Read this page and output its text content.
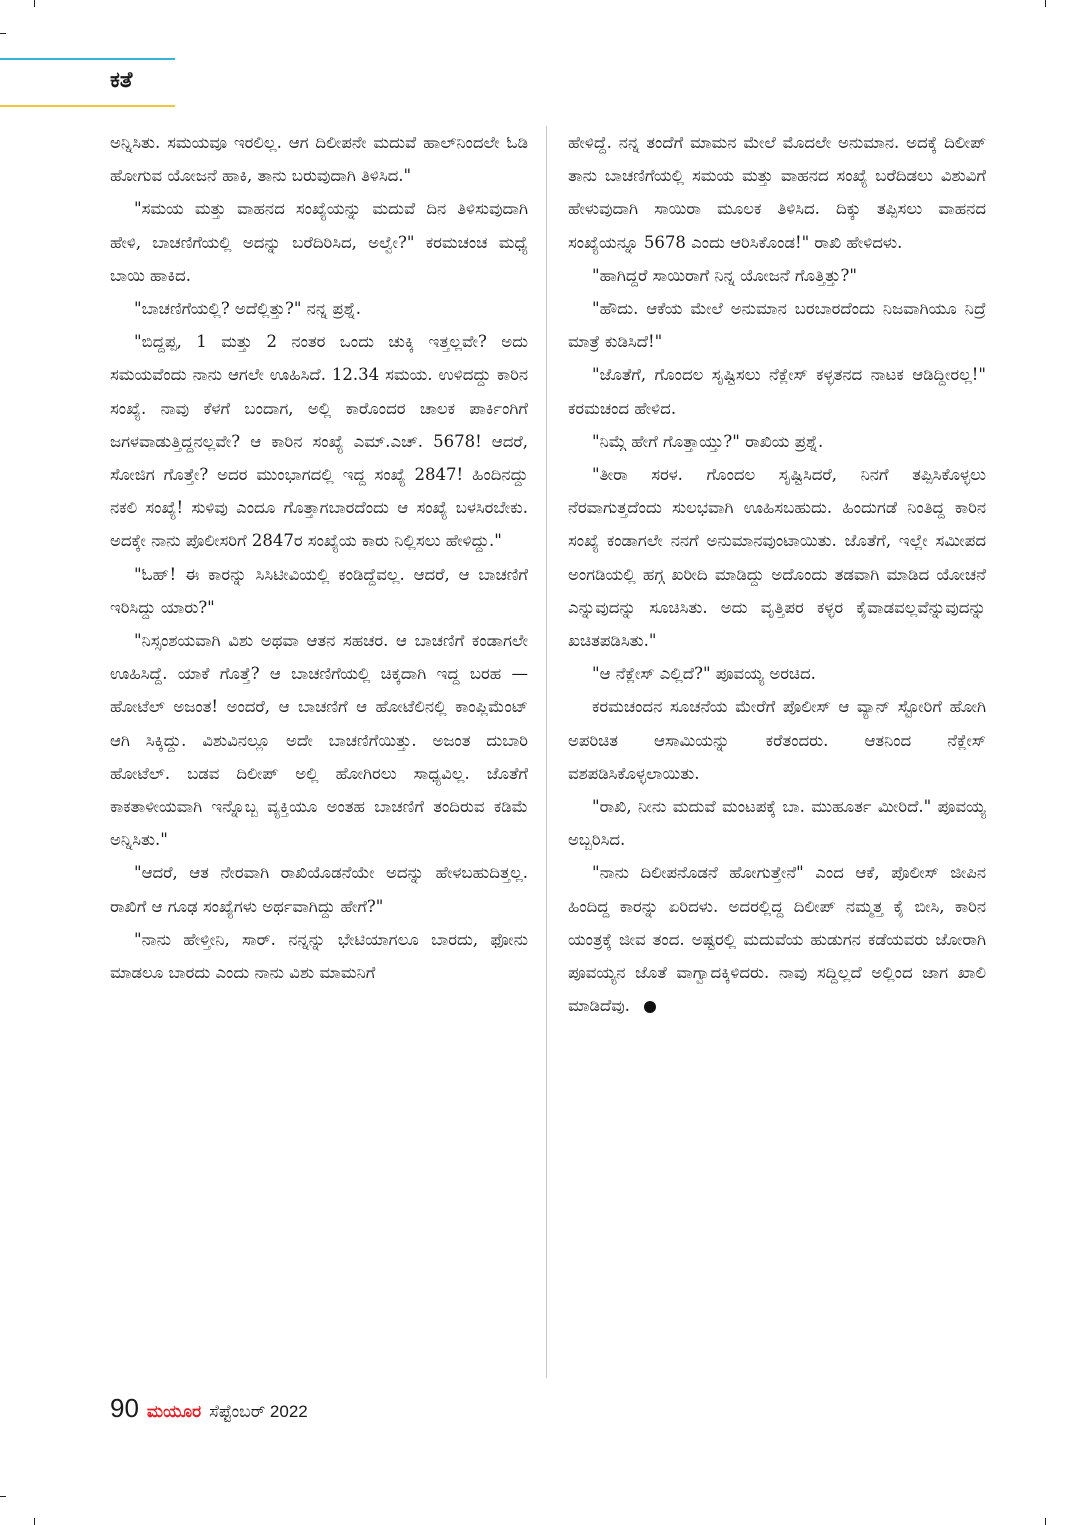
ಕತೆ

ಅನ್ನಿಸಿತು. ಸಮಯವೂ ಇರಲಿಲ್ಲ. ಆಗ ದಿಲೀಪನೇ ಮದುವೆ ಹಾಲ್‌ನಿಂದಲೇ ಓಡಿ ಹೋಗುವ ಯೋಜನೆ ಹಾಕಿ, ತಾನು ಬರುವುದಾಗಿ ತಿಳಿಸಿದ."

"ಸಮಯ ಮತ್ತು ವಾಹನದ ಸಂಖ್ಯೆಯನ್ನು ಮದುವೆ ದಿನ ತಿಳಿಸುವುದಾಗಿ ಹೇಳಿ, ಬಾಚಣಿಗೆಯಲ್ಲಿ ಅದನ್ನು ಬರೆದಿರಿಸಿದ, ಅಲ್ವೇ?" ಕರಮಚಂಚ ಮಧ್ಯೆ ಬಾಯಿ ಹಾಕಿದ.

"ಬಾಚಣಿಗೆಯಲ್ಲಿ? ಅದೆಲ್ಲಿತ್ತು?" ನನ್ನ ಪ್ರಶ್ನೆ.

"ಬಿದ್ದಪ್ಪ, 1 ಮತ್ತು 2 ನಂತರ ಒಂದು ಚುಕ್ಕಿ ಇತ್ತಲ್ಲವೇ? ಅದು ಸಮಯವೆಂದು ನಾನು ಆಗಲೇ ಊಹಿಸಿದೆ. 12.34 ಸಮಯ. ಉಳಿದದ್ದು ಕಾರಿನ ಸಂಖ್ಯೆ. ನಾವು ಕೆಳಗೆ ಬಂದಾಗ, ಅಲ್ಲಿ ಕಾರೊಂದರ ಚಾಲಕ ಪಾರ್ಕಿಂಗಿಗೆ ಜಗಳವಾಡುತ್ತಿದ್ದನಲ್ಲವೇ? ಆ ಕಾರಿನ ಸಂಖ್ಯೆ ಎಮ್.ಎಚ್. 5678! ಆದರೆ, ಸೋಜಿಗ ಗೊತ್ತೇ? ಅದರ ಮುಂಭಾಗದಲ್ಲಿ ಇದ್ದ ಸಂಖ್ಯೆ 2847! ಹಿಂದಿನದ್ದು ನಕಲಿ ಸಂಖ್ಯೆ! ಸುಳಿವು ಎಂದೂ ಗೊತ್ತಾಗಬಾರದೆಂದು ಆ ಸಂಖ್ಯೆ ಬಳಸಿರಬೇಕು. ಅದಕ್ಕೇ ನಾನು ಪೊಲೀಸರಿಗೆ 2847ರ ಸಂಖ್ಯೆಯ ಕಾರು ನಿಲ್ಲಿಸಲು ಹೇಳಿದ್ದು."

"ಓಹ್! ಈ ಕಾರನ್ನು ಸಿಸಿಟೀವಿಯಲ್ಲಿ ಕಂಡಿದ್ದೆವಲ್ಲ. ಆದರೆ, ಆ ಬಾಚಣಿಗೆ ಇರಿಸಿದ್ದು ಯಾರು?"

"ನಿಸ್ಸಂಶಯವಾಗಿ ವಿಶು ಅಥವಾ ಆತನ ಸಹಚರ. ಆ ಬಾಚಣಿಗೆ ಕಂಡಾಗಲೇ ಊಹಿಸಿದ್ದೆ. ಯಾಕೆ ಗೊತ್ತೆ? ಆ ಬಾಚಣಿಗೆಯಲ್ಲಿ ಚಿಕ್ಕದಾಗಿ ಇದ್ದ ಬರಹ —ಹೋಟೆಲ್ ಅಜಂತ! ಅಂದರೆ, ಆ ಬಾಚಣಿಗೆ ಆ ಹೋಟೆಲಿನಲ್ಲಿ ಕಾಂಪ್ಲಿಮೆಂಟ್ ಆಗಿ ಸಿಕ್ಕಿದ್ದು. ವಿಶುವಿನಲ್ಲೂ ಅದೇ ಬಾಚಣಿಗೆಯಿತ್ತು. ಅಜಂತ ದುಬಾರಿ ಹೋಟೆಲ್. ಬಡವ ದಿಲೀಪ್ ಅಲ್ಲಿ ಹೋಗಿರಲು ಸಾಧ್ಯವಿಲ್ಲ. ಜೊತೆಗೆ ಕಾಕತಾಳೀಯವಾಗಿ ಇನ್ನೊಬ್ಬ ವ್ಯಕ್ತಿಯೂ ಅಂತಹ ಬಾಚಣಿಗೆ ತಂದಿರುವ ಕಡಿಮೆ ಅನ್ನಿಸಿತು."

"ಆದರೆ, ಆತ ನೇರವಾಗಿ ರಾಖಿಯೊಡನೆಯೇ ಅದನ್ನು ಹೇಳಬಹುದಿತ್ತಲ್ಲ. ರಾಖಿಗೆ ಆ ಗೂಢ ಸಂಖ್ಯೆಗಳು ಅರ್ಥವಾಗಿದ್ದು ಹೇಗೆ?"

"ನಾನು ಹೇಳ್ತೀನಿ, ಸಾರ್. ನನ್ನನ್ನು ಭೇಟಿಯಾಗಲೂ ಬಾರದು, ಫೋನು ಮಾಡಲೂ ಬಾರದು ಎಂದು ನಾನು ವಿಶು ಮಾಮನಿಗೆ

ಹೇಳಿದ್ದೆ. ನನ್ನ ತಂದೆಗೆ ಮಾಮನ ಮೇಲೆ ಮೊದಲೇ ಅನುಮಾನ. ಅದಕ್ಕೆ ದಿಲೀಪ್ ತಾನು ಬಾಚಣಿಗೆಯಲ್ಲಿ ಸಮಯ ಮತ್ತು ವಾಹನದ ಸಂಖ್ಯೆ ಬರೆದಿಡಲು ವಿಶುವಿಗೆ ಹೇಳುವುದಾಗಿ ಸಾಯಿರಾ ಮೂಲಕ ತಿಳಿಸಿದ. ದಿಕ್ಕು ತಪ್ಪಿಸಲು ವಾಹನದ ಸಂಖ್ಯೆಯನ್ನೂ 5678 ಎಂದು ಆರಿಸಿಕೊಂಡ!" ರಾಖಿ ಹೇಳಿದಳು.

"ಹಾಗಿದ್ದರೆ ಸಾಯಿರಾಗೆ ನಿನ್ನ ಯೋಜನೆ ಗೊತ್ತಿತ್ತು?"

"ಹೌದು. ಆಕೆಯ ಮೇಲೆ ಅನುಮಾನ ಬರಬಾರದೆಂದು ನಿಜವಾಗಿಯೂ ನಿದ್ರೆ ಮಾತ್ರೆ ಕುಡಿಸಿದೆ!"

"ಜೊತೆಗೆ, ಗೊಂದಲ ಸೃಷ್ಟಿಸಲು ನೆಕ್ಲೇಸ್ ಕಳ್ಳತನದ ನಾಟಕ ಆಡಿದ್ದೀರಲ್ಲ!" ಕರಮಚಂದ ಹೇಳಿದ.

"ನಿಮ್ಗೆ ಹೇಗೆ ಗೊತ್ತಾಯ್ತು?" ರಾಖಿಯ ಪ್ರಶ್ನೆ.

"ತೀರಾ ಸರಳ. ಗೊಂದಲ ಸೃಷ್ಟಿಸಿದರೆ, ನಿನಗೆ ತಪ್ಪಿಸಿಕೊಳ್ಳಲು ನೆರವಾಗುತ್ತದೆಂದು ಸುಲಭವಾಗಿ ಊಹಿಸಬಹುದು. ಹಿಂದುಗಡೆ ನಿಂತಿದ್ದ ಕಾರಿನ ಸಂಖ್ಯೆ ಕಂಡಾಗಲೇ ನನಗೆ ಅನುಮಾನವುಂಟಾಯಿತು. ಜೊತೆಗೆ, ಇಲ್ಲೇ ಸಮೀಪದ ಅಂಗಡಿಯಲ್ಲಿ ಹಗ್ಗ ಖರೀದಿ ಮಾಡಿದ್ದು ಅದೊಂದು ತಡವಾಗಿ ಮಾಡಿದ ಯೋಚನೆ ಎನ್ನುವುದನ್ನು ಸೂಚಿಸಿತು. ಅದು ವೃತ್ತಿಪರ ಕಳ್ಳರ ಕೈವಾಡವಲ್ಲವೆನ್ನುವುದನ್ನು ಖಚಿತಪಡಿಸಿತು."

"ಆ ನೆಕ್ಲೇಸ್ ಎಲ್ಲಿದೆ?" ಪೂವಯ್ಯ ಅರಚಿದ.

ಕರಮಚಂದನ ಸೂಚನೆಯ ಮೇರೆಗೆ ಪೊಲೀಸ್ ಆ ವ್ಯಾನ್ ಸ್ಟೋರಿಗೆ ಹೋಗಿ ಅಪರಿಚಿತ ಆಸಾಮಿಯನ್ನು ಕರೆತಂದರು. ಆತನಿಂದ ನೆಕ್ಲೇಸ್ ವಶಪಡಿಸಿಕೊಳ್ಳಲಾಯಿತು.

"ರಾಖಿ, ನೀನು ಮದುವೆ ಮಂಟಪಕ್ಕೆ ಬಾ. ಮುಹೂರ್ತ ಮೀರಿದೆ." ಪೂವಯ್ಯ ಅಬ್ಬರಿಸಿದ.

"ನಾನು ದಿಲೀಪನೊಡನೆ ಹೋಗುತ್ತೇನೆ" ಎಂದ ಆಕೆ, ಪೊಲೀಸ್ ಜೀಪಿನ ಹಿಂದಿದ್ದ ಕಾರನ್ನು ಏರಿದಳು. ಅದರಲ್ಲಿದ್ದ ದಿಲೀಪ್ ನಮ್ಮತ್ತ ಕೈ ಬೀಸಿ, ಕಾರಿನ ಯಂತ್ರಕ್ಕೆ ಜೀವ ತಂದ. ಅಷ್ಟರಲ್ಲಿ ಮದುವೆಯ ಹುಡುಗನ ಕಡೆಯವರು ಜೋರಾಗಿ ಪೂವಯ್ಯನ ಜೊತೆ ವಾಗ್ವಾದಕ್ಕಿಳಿದರು. ನಾವು ಸದ್ದಿಲ್ಲದೆ ಅಲ್ಲಿಂದ ಜಾಗ ಖಾಲಿ ಮಾಡಿದೆವು.

90 ಮಯೂರ ಸೆಪ್ಟೆಂಬರ್ 2022
